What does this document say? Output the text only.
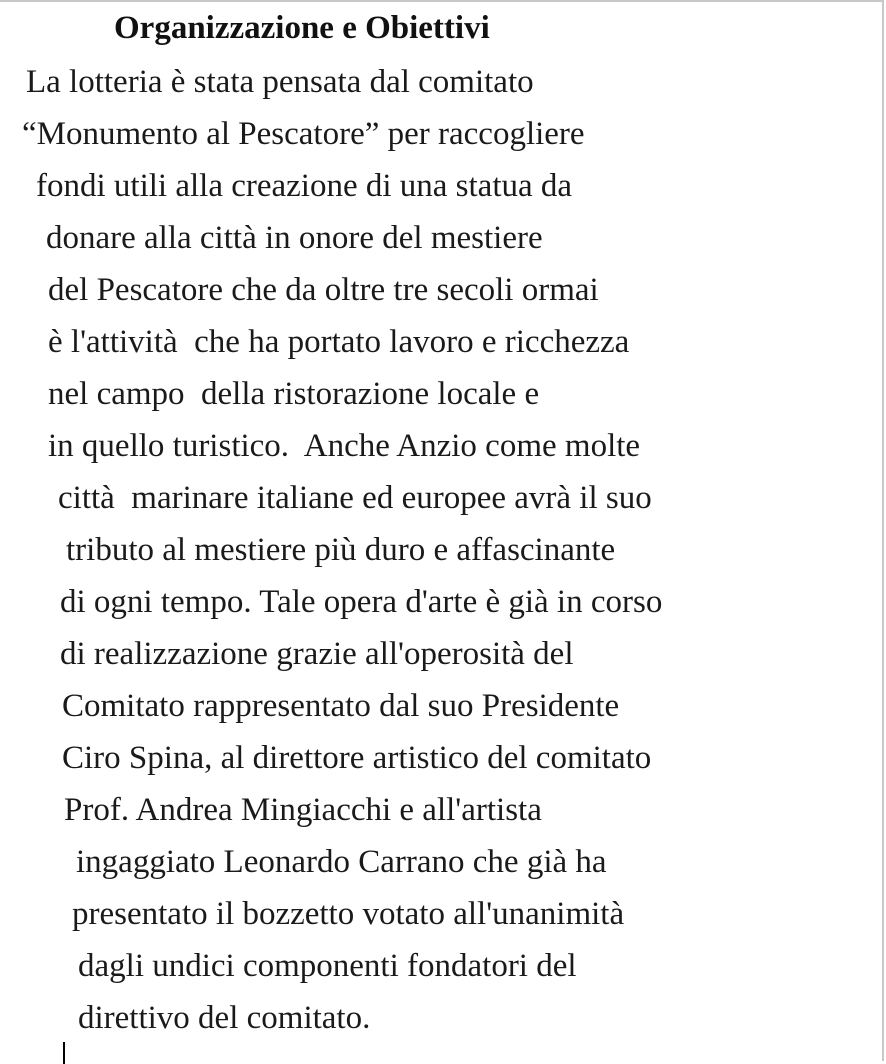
Organizzazione e Obiettivi

La lotteria è stata pensata dal comitato

“Monumento al Pescatore” per raccogliere

fondi utili alla creazione di una statua da

donare alla città in onore del mestiere

del Pescatore che da oltre tre secoli ormai

è l'attività  che ha portato lavoro e ricchezza

nel campo  della ristorazione locale e

in quello turistico.  Anche Anzio come molte

città  marinare italiane ed europee avrà il suo

tributo al mestiere più duro e affascinante

di ogni tempo. Tale opera d'arte è già in corso

di realizzazione grazie all'operosità del

Comitato rappresentato dal suo Presidente

Ciro Spina, al direttore artistico del comitato

Prof. Andrea Mingiacchi e all'artista

ingaggiato Leonardo Carrano che già ha

presentato il bozzetto votato all'unanimità

dagli undici componenti fondatori del

direttivo del comitato.
